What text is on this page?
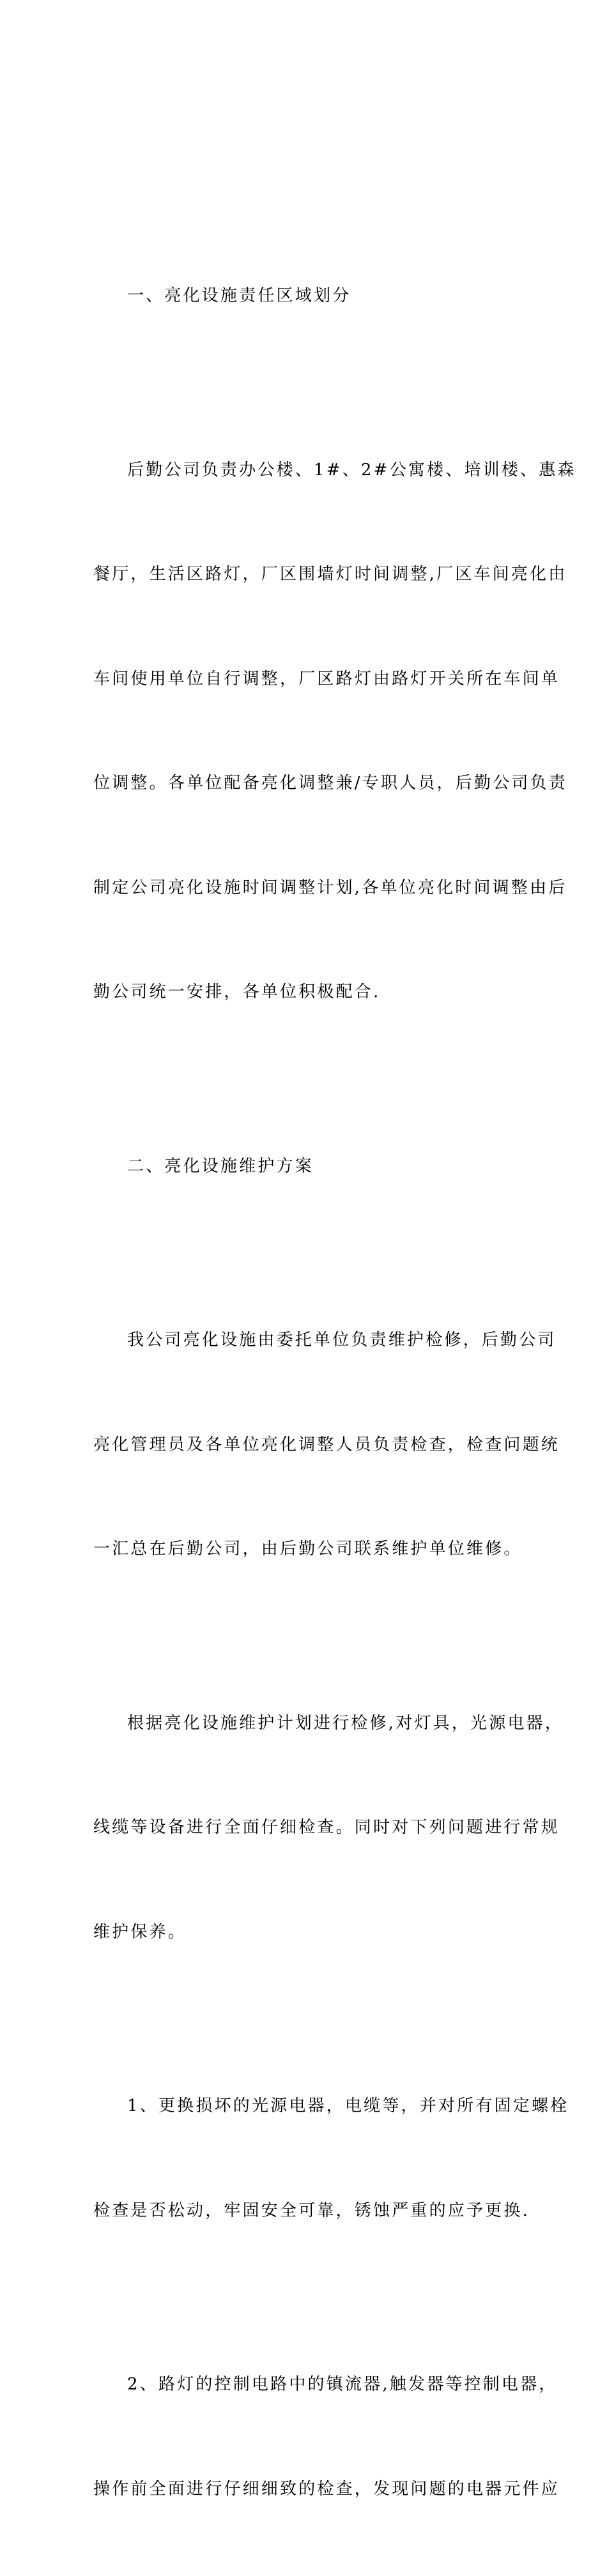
一、亮化设施责任区域划分

后勤公司负责办公楼、1#、2#公寓楼、培训楼、惠森

餐厅，生活区路灯，厂区围墙灯时间调整,厂区车间亮化由

车间使用单位自行调整，厂区路灯由路灯开关所在车间单

位调整。各单位配备亮化调整兼/专职人员，后勤公司负责

制定公司亮化设施时间调整计划,各单位亮化时间调整由后

勤公司统一安排，各单位积极配合.

二、亮化设施维护方案

我公司亮化设施由委托单位负责维护检修，后勤公司

亮化管理员及各单位亮化调整人员负责检查，检查问题统

一汇总在后勤公司，由后勤公司联系维护单位维修。

根据亮化设施维护计划进行检修,对灯具，光源电器，

线缆等设备进行全面仔细检查。同时对下列问题进行常规

维护保养。

1、更换损坏的光源电器，电缆等，并对所有固定螺栓

检查是否松动，牢固安全可靠，锈蚀严重的应予更换.

2、路灯的控制电路中的镇流器,触发器等控制电器，

操作前全面进行仔细细致的检查，发现问题的电器元件应
